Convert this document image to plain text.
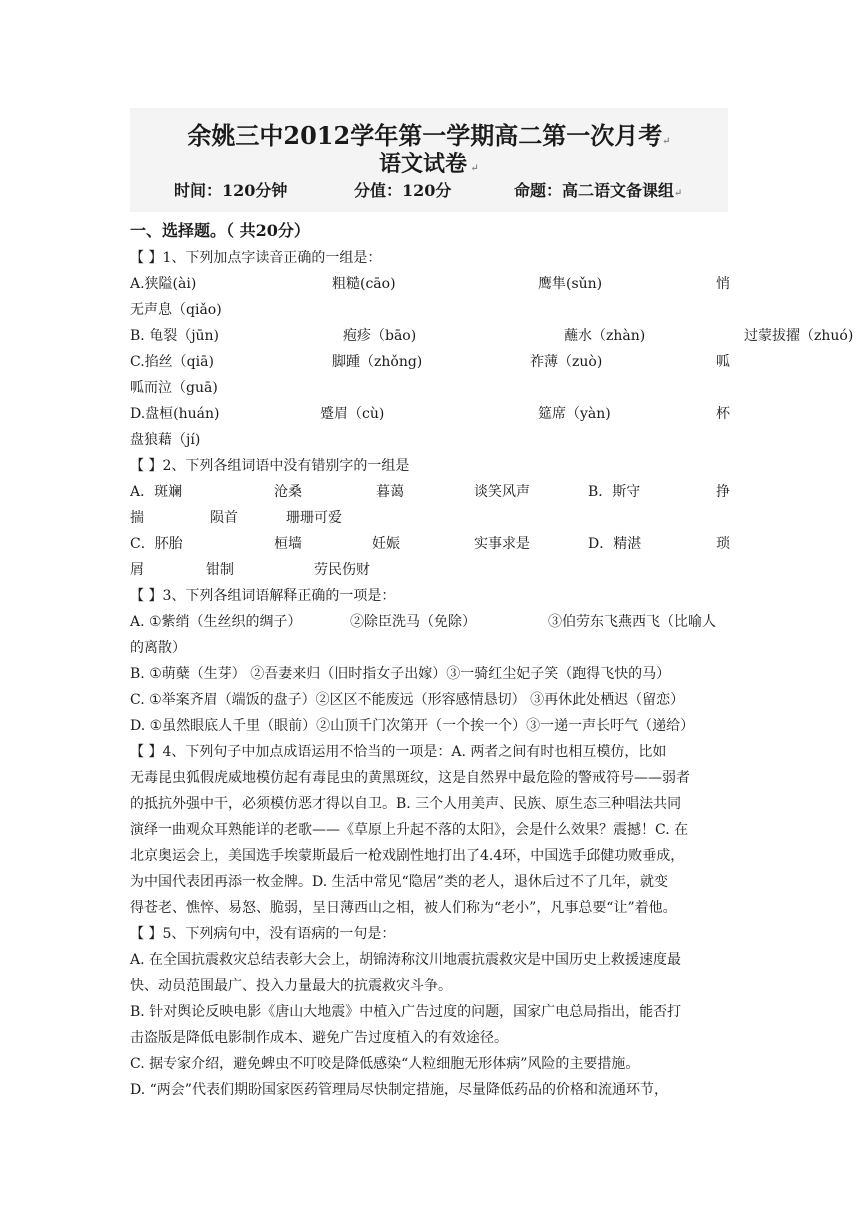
余姚三中2012学年第一学期高二第一次月考↵
语文试卷 ↵
时间：120分钟	分值：120分	命题：高二语文备课组↵
一、选择题。（ 共20分）
【 】1、下列加点字读音正确的一组是：
A.狭隘(ài)	粗糙(cāo)	鹰隼(sǔn)	悄
无声息（qiǎo)
B. 龟裂（jūn)	疱疹（bāo)	蘸水（zhàn)	过蒙拔擢（zhuó)
C.掐丝（qiā)	脚踵（zhǒng)	祚薄（zuò)	呱
呱而泣（guā)
D.盘桓(huán)	蹙眉（cù)	筵席（yàn)	杯
盘狼藉（jí)
【 】2、下列各组词语中没有错别字的一组是
A．斑斓	沧桑	暮蔼	谈笑风声	B．斯守	挣
揣	陨首	珊珊可爱
C．肧胎	桓墙	妊娠	实事求是	D．精湛	琐
屑	钳制	劳民伤财
【 】3、下列各组词语解释正确的一项是：
A. ①紫绡（生丝织的绸子）	②除臣洗马（免除）	③伯劳东飞燕西飞（比喻人
的离散）
B. ①萌蘖（生芽） ②吾妻来归（旧时指女子出嫁）③一骑红尘妃子笑（跑得飞快的马）
C. ①举案齐眉（端饭的盘子）②区区不能废远（形容感情恳切） ③再休此处栖迟（留恋）
D. ①虽然眼底人千里（眼前）②山顶千门次第开（一个挨一个）③一递一声长吁气（递给）
【 】4、下列句子中加点成语运用不恰当的一项是：A. 两者之间有时也相互模仿，比如
无毒昆虫狐假虎威地模仿起有毒昆虫的黄黑斑纹，这是自然界中最危险的警戒符号——弱者
的抵抗外强中干，必须模仿恶才得以自卫。B. 三个人用美声、民族、原生态三种唱法共同
演绎一曲观众耳熟能详的老歌——《草原上升起不落的太阳》，会是什么效果？震撼！C. 在
北京奥运会上，美国选手埃蒙斯最后一枪戏剧性地打出了4.4环，中国选手邱健功败垂成，
为中国代表团再添一枚金牌。D. 生活中常见“隐居”类的老人，退休后过不了几年，就变
得苍老、憔悴、易怒、脆弱，呈日薄西山之相，被人们称为“老小”，凡事总要“让”着他。
【 】5、下列病句中，没有语病的一句是：
A. 在全国抗震救灾总结表彰大会上，胡锦涛称汶川地震抗震救灾是中国历史上救援速度最
快、动员范围最广、投入力量最大的抗震救灾斗争。
B. 针对舆论反映电影《唐山大地震》中植入广告过度的问题，国家广电总局指出，能否打
击盗版是降低电影制作成本、避免广告过度植入的有效途径。
C. 据专家介绍，避免蜱虫不叮咬是降低感染“人粒细胞无形体病”风险的主要措施。
D. “两会”代表们期盼国家医药管理局尽快制定措施，尽量降低药品的价格和流通环节，
